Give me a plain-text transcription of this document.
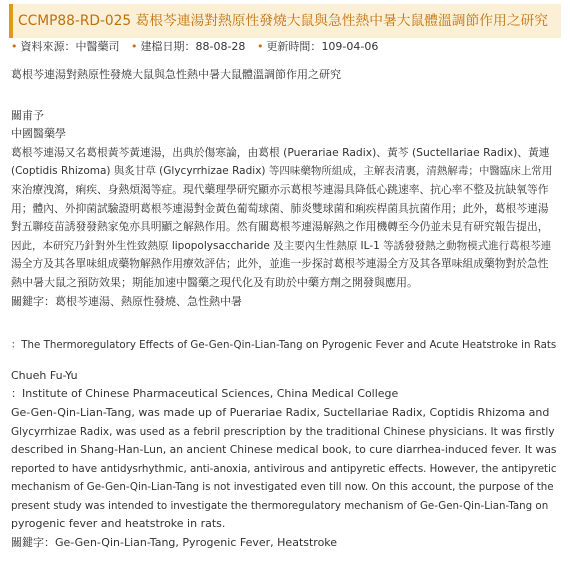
CCMP88-RD-025 葛根芩連湯對熱原性發燒大鼠與急性熱中暑大鼠體溫調節作用之研究
• 資料來源：中醫藥司 • 建檔日期：88-08-28 • 更新時間：109-04-06

葛根芩連湯對熱原性發燒大鼠與急性熱中暑大鼠體溫調節作用之研究

關甫予

中國醫藥學

葛根芩連湯又名葛根黃芩黃連湯，出典於傷寒論，由葛根 (Puerariae Radix)、黃芩 (Suctellariae Radix)、黃連

(Coptidis Rhizoma) 與炙甘草 (Glycyrrhizae Radix) 等四味藥物所組成，主解表清裏，清熱解毒；中醫臨床上常用

來治療洩瀉，痢疾、身熱煩渴等症。現代藥理學研究顯亦示葛根芩連湯具降低心跳速率、抗心率不整及抗缺氧等作

用；體內、外抑菌試驗證明葛根芩連湯對金黃色葡萄球菌、肺炎雙球菌和痢疾桿菌具抗菌作用；此外，葛根芩連湯

對五聯疫苗誘發發熱家兔亦具明顯之解熱作用。然有關葛根芩連湯解熱之作用機轉至今仍並未見有研究報告提出，

因此，本研究乃針對外生性致熱原 lipopolysaccharide 及主要內生性熱原 IL-1 等誘發發熱之動物模式進行葛根芩連

湯全方及其各單味組成藥物解熱作用療效評估；此外，並進一步探討葛根芩連湯全方及其各單味組成藥物對於急性

熱中暑大鼠之預防效果；期能加速中醫藥之現代化及有助於中藥方劑之開發與應用。

關鍵字：葛根芩連湯、熱原性發燒、急性熱中暑

：The Thermoregulatory Effects of Ge-Gen-Qin-Lian-Tang on Pyrogenic Fever and Acute Heatstroke in Rats

Chueh Fu-Yu

：Institute of Chinese Pharmaceutical Sciences, China Medical College

Ge-Gen-Qin-Lian-Tang, was made up of Puerariae Radix, Suctellariae Radix, Coptidis Rhizoma and

Glycyrrhizae Radix, was used as a febril prescription by the traditional Chinese physicians. It was firstly

described in Shang-Han-Lun, an ancient Chinese medical book, to cure diarrhea-induced fever. It was

reported to have antidysrhythmic, anti-anoxia, antivirous and antipyretic effects. However, the antipyretic

mechanism of Ge-Gen-Qin-Lian-Tang is not investigated even till now. On this account, the purpose of the

present study was intended to investigate the thermoregulatory mechanism of Ge-Gen-Qin-Lian-Tang on

pyrogenic fever and heatstroke in rats.

關鍵字：Ge-Gen-Qin-Lian-Tang, Pyrogenic Fever, Heatstroke
